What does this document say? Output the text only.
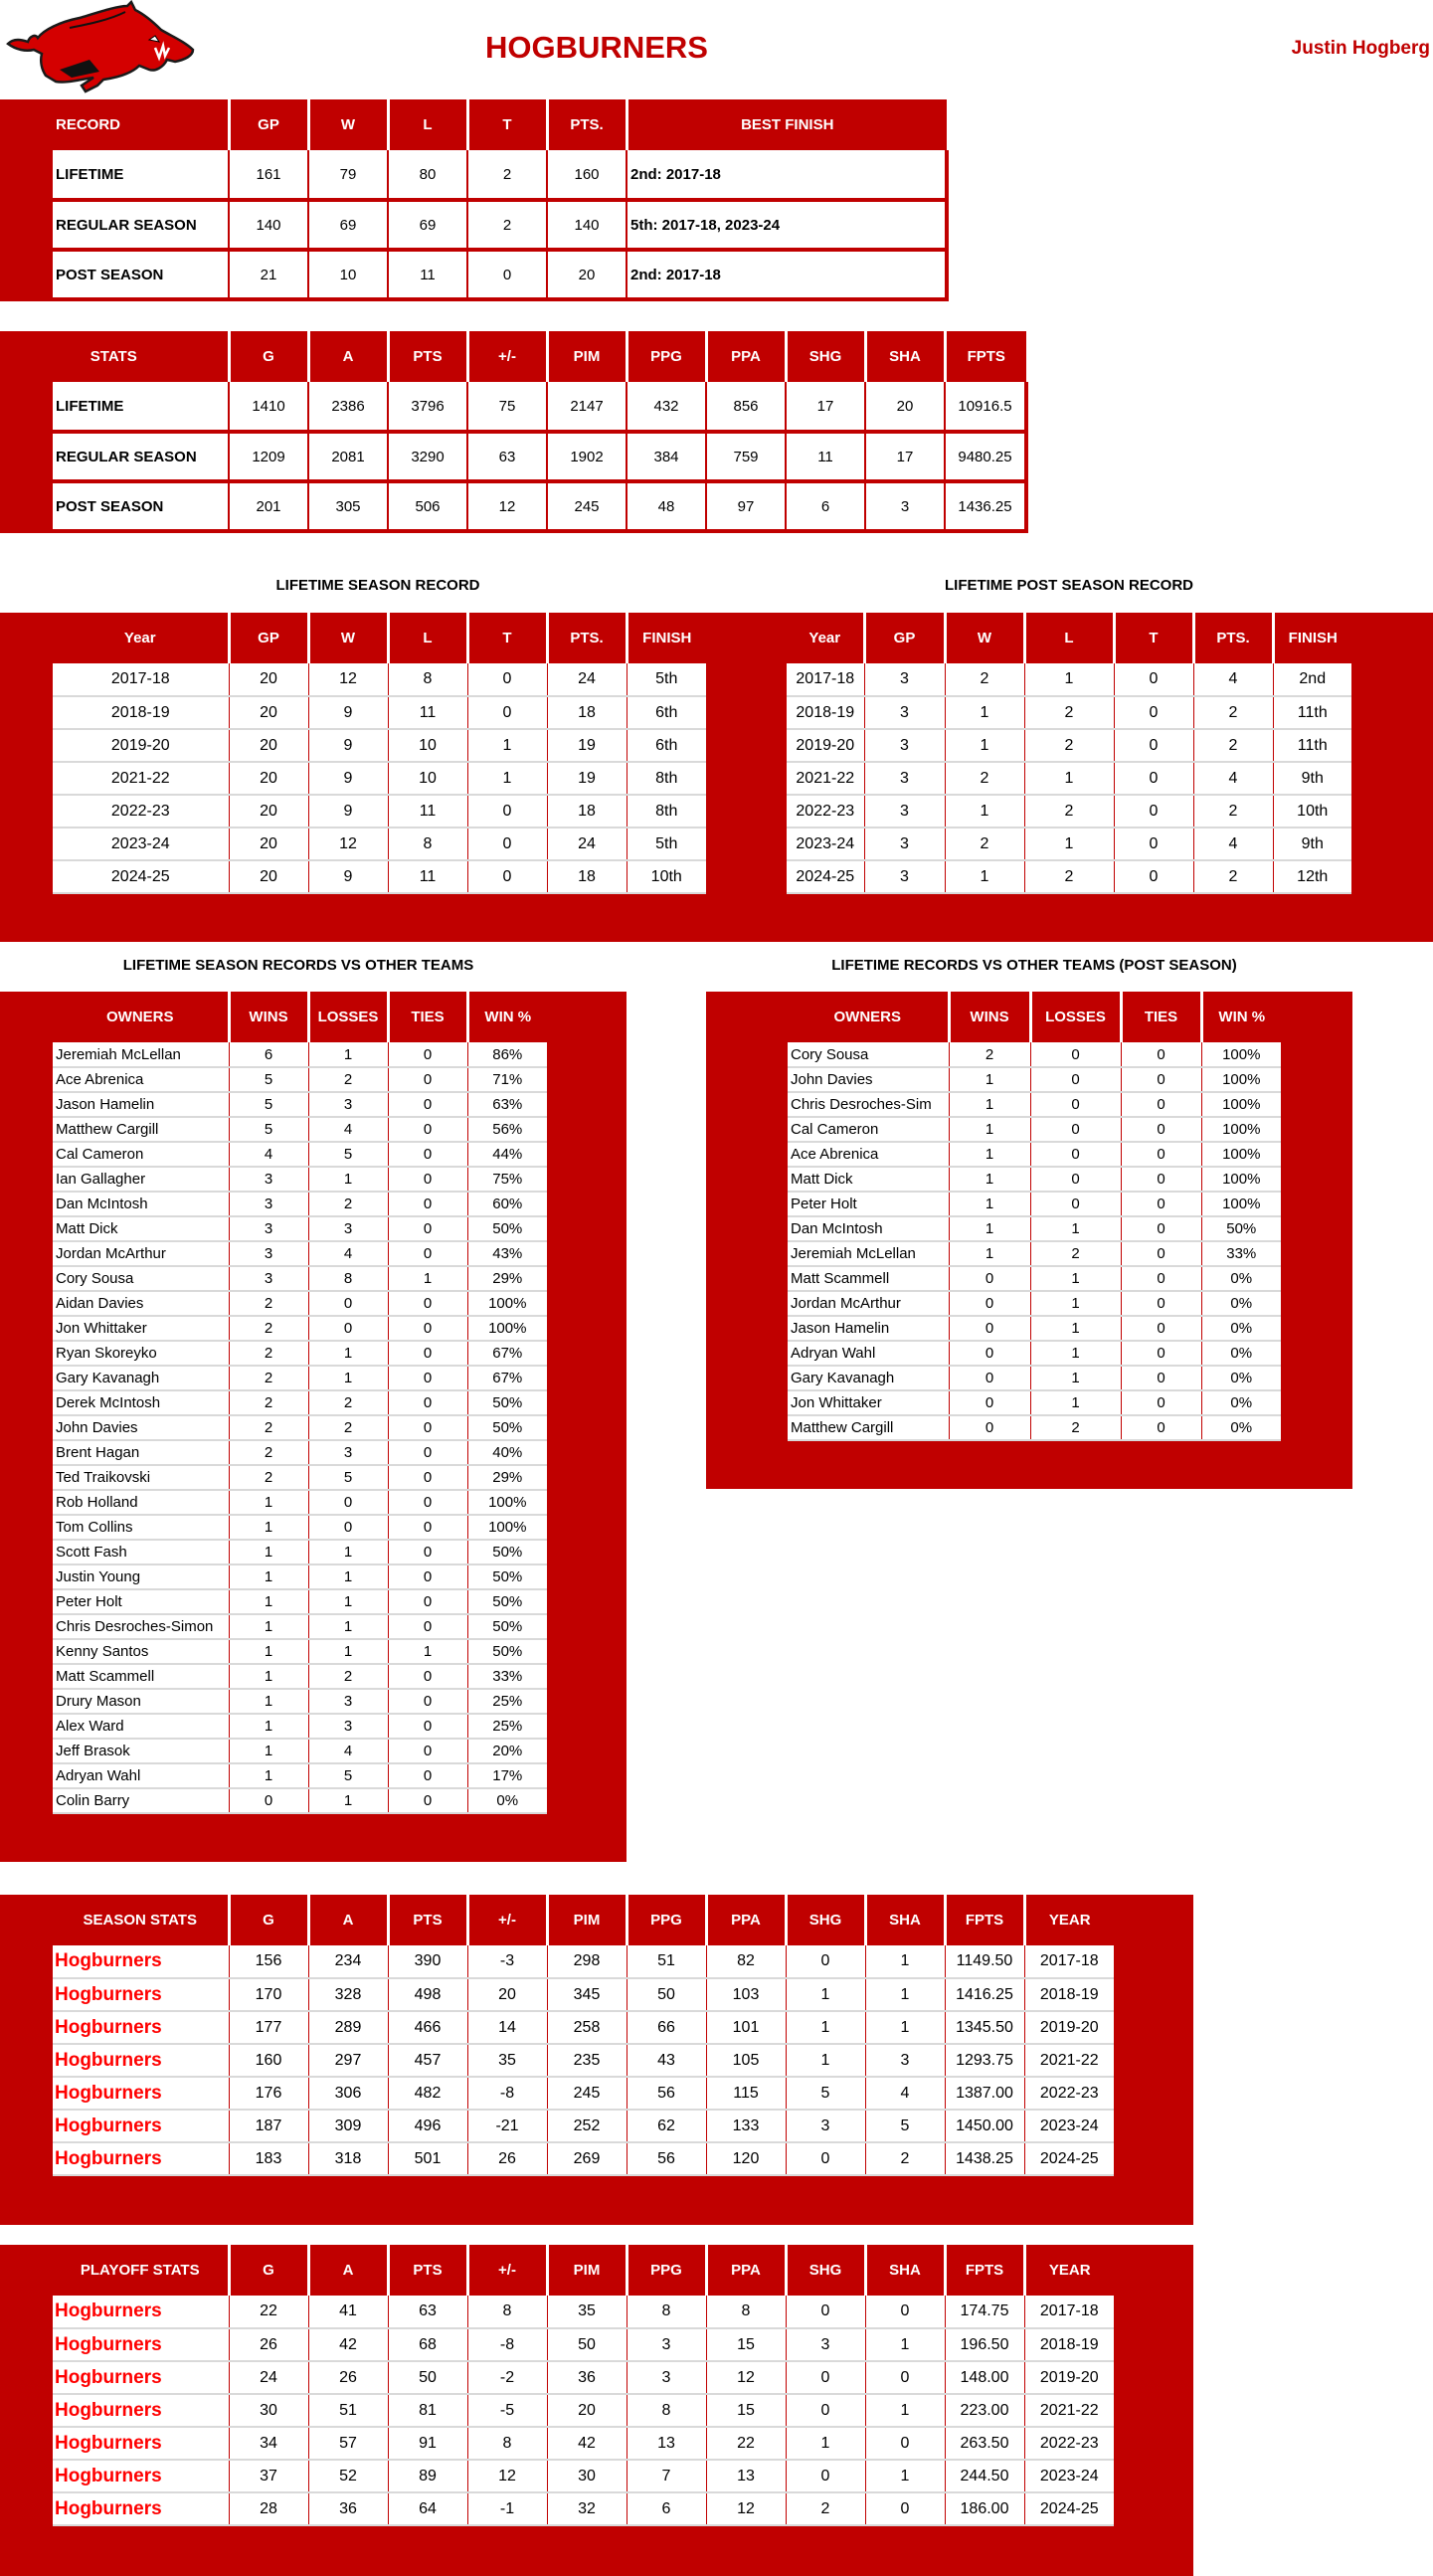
HOGBURNERS	Justin Hogberg
RECORD	GP	W	L	T	PTS.	BEST FINISH
LIFETIME	161	79	80	2	160	2nd: 2017-18
REGULAR SEASON	140	69	69	2	140	5th: 2017-18, 2023-24
POST SEASON	21	10	11	0	20	2nd: 2017-18
STATS	G	A	PTS	+/-	PIM	PPG	PPA	SHG	SHA	FPTS
LIFETIME	1410	2386	3796	75	2147	432	856	17	20	10916.5
REGULAR SEASON	1209	2081	3290	63	1902	384	759	11	17	9480.25
POST SEASON	201	305	506	12	245	48	97	6	3	1436.25
LIFETIME SEASON RECORD	LIFETIME POST SEASON RECORD
Year	GP	W	L	T	PTS.	FINISH
2017-18	20	12	8	0	24	5th
2018-19	20	9	11	0	18	6th
2019-20	20	9	10	1	19	6th
2021-22	20	9	10	1	19	8th
2022-23	20	9	11	0	18	8th
2023-24	20	12	8	0	24	5th
2024-25	20	9	11	0	18	10th
Year	GP	W	L	T	PTS.	FINISH
2017-18	3	2	1	0	4	2nd
2018-19	3	1	2	0	2	11th
2019-20	3	1	2	0	2	11th
2021-22	3	2	1	0	4	9th
2022-23	3	1	2	0	2	10th
2023-24	3	2	1	0	4	9th
2024-25	3	1	2	0	2	12th
LIFETIME SEASON RECORDS VS OTHER TEAMS	LIFETIME RECORDS VS OTHER TEAMS (POST SEASON)
OWNERS	WINS	LOSSES	TIES	WIN %
Jeremiah McLellan	6	1	0	86%
Ace Abrenica	5	2	0	71%
Jason Hamelin	5	3	0	63%
Matthew Cargill	5	4	0	56%
Cal Cameron	4	5	0	44%
Ian Gallagher	3	1	0	75%
Dan McIntosh	3	2	0	60%
Matt Dick	3	3	0	50%
Jordan McArthur	3	4	0	43%
Cory Sousa	3	8	1	29%
Aidan Davies	2	0	0	100%
Jon Whittaker	2	0	0	100%
Ryan Skoreyko	2	1	0	67%
Gary Kavanagh	2	1	0	67%
Derek McIntosh	2	2	0	50%
John Davies	2	2	0	50%
Brent Hagan	2	3	0	40%
Ted Traikovski	2	5	0	29%
Rob Holland	1	0	0	100%
Tom Collins	1	0	0	100%
Scott Fash	1	1	0	50%
Justin Young	1	1	0	50%
Peter Holt	1	1	0	50%
Chris Desroches-Simon	1	1	0	50%
Kenny Santos	1	1	1	50%
Matt Scammell	1	2	0	33%
Drury Mason	1	3	0	25%
Alex Ward	1	3	0	25%
Jeff Brasok	1	4	0	20%
Adryan Wahl	1	5	0	17%
Colin Barry	0	1	0	0%
OWNERS	WINS	LOSSES	TIES	WIN %
Cory Sousa	2	0	0	100%
John Davies	1	0	0	100%
Chris Desroches-Sim	1	0	0	100%
Cal Cameron	1	0	0	100%
Ace Abrenica	1	0	0	100%
Matt Dick	1	0	0	100%
Peter Holt	1	0	0	100%
Dan McIntosh	1	1	0	50%
Jeremiah McLellan	1	2	0	33%
Matt Scammell	0	1	0	0%
Jordan McArthur	0	1	0	0%
Jason Hamelin	0	1	0	0%
Adryan Wahl	0	1	0	0%
Gary Kavanagh	0	1	0	0%
Jon Whittaker	0	1	0	0%
Matthew Cargill	0	2	0	0%
SEASON STATS	G	A	PTS	+/-	PIM	PPG	PPA	SHG	SHA	FPTS	YEAR
Hogburners	156	234	390	-3	298	51	82	0	1	1149.50	2017-18
Hogburners	170	328	498	20	345	50	103	1	1	1416.25	2018-19
Hogburners	177	289	466	14	258	66	101	1	1	1345.50	2019-20
Hogburners	160	297	457	35	235	43	105	1	3	1293.75	2021-22
Hogburners	176	306	482	-8	245	56	115	5	4	1387.00	2022-23
Hogburners	187	309	496	-21	252	62	133	3	5	1450.00	2023-24
Hogburners	183	318	501	26	269	56	120	0	2	1438.25	2024-25
PLAYOFF STATS	G	A	PTS	+/-	PIM	PPG	PPA	SHG	SHA	FPTS	YEAR
Hogburners	22	41	63	8	35	8	8	0	0	174.75	2017-18
Hogburners	26	42	68	-8	50	3	15	3	1	196.50	2018-19
Hogburners	24	26	50	-2	36	3	12	0	0	148.00	2019-20
Hogburners	30	51	81	-5	20	8	15	0	1	223.00	2021-22
Hogburners	34	57	91	8	42	13	22	1	0	263.50	2022-23
Hogburners	37	52	89	12	30	7	13	0	1	244.50	2023-24
Hogburners	28	36	64	-1	32	6	12	2	0	186.00	2024-25
